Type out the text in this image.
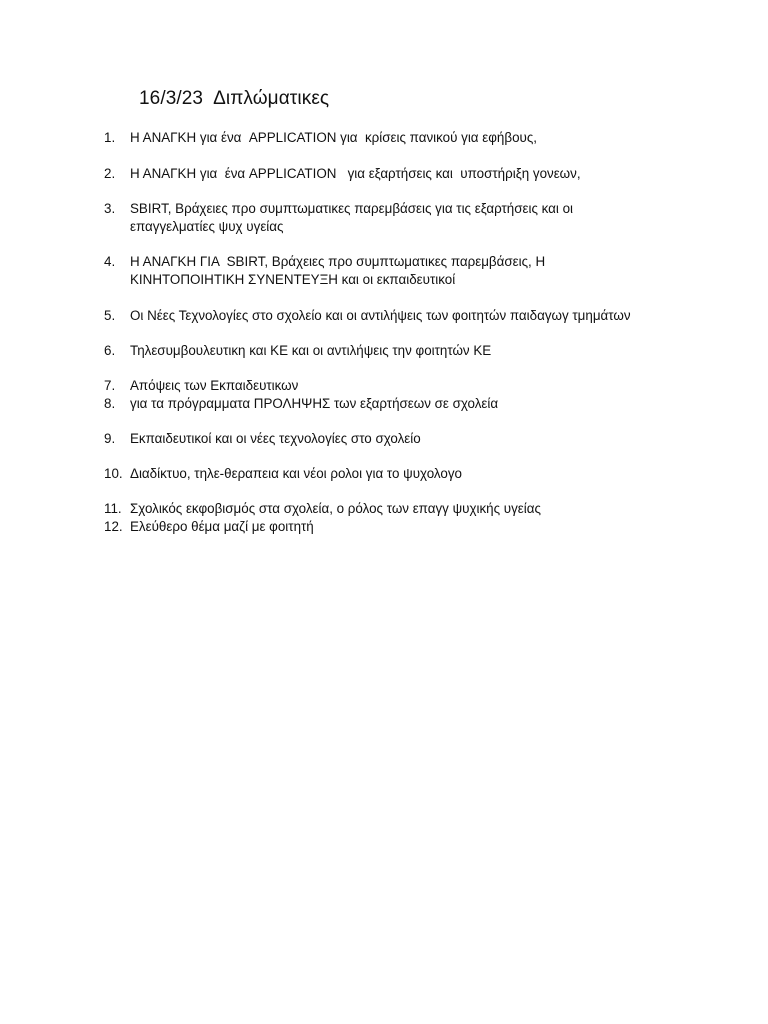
16/3/23 Διπλώματικες
1. Η ΑΝΑΓΚΗ για ένα  APPLICATION για  κρίσεις πανικού για εφήβους,
2. Η ΑΝΑΓΚΗ για  ένα APPLICATION   για εξαρτήσεις και  υποστήριξη γονεων,
3. SBIRT, Βράχειες προ συμπτωματικες παρεμβάσεις για τις εξαρτήσεις και οι
επαγγελματίες ψυχ υγείας
4. Η ΑΝΑΓΚΗ ΓΙΑ  SBIRT, Βράχειες προ συμπτωματικες παρεμβάσεις, Η
ΚΙΝΗΤΟΠΟΙΗΤΙΚΗ ΣΥΝΕΝΤΕΥΞΗ και οι εκπαιδευτικοί
5. Οι Νέες Τεχνολογίες στο σχολείο και οι αντιλήψεις των φοιτητών παιδαγωγ τμημάτων
6. Τηλεσυμβουλευτικη και ΚΕ και οι αντιλήψεις την φοιτητών ΚΕ
7. Απόψεις των Εκπαιδευτικων
8. για τα πρόγραμματα ΠΡΟΛΗΨΗΣ των εξαρτήσεων σε σχολεία
9. Εκπαιδευτικοί και οι νέες τεχνολογίες στο σχολείο
10. Διαδίκτυο, τηλε-θεραπεια και νέοι ρολοι για το ψυχολογο
11. Σχολικός εκφοβισμός στα σχολεία, ο ρόλος των επαγγ ψυχικής υγείας
12. Ελεύθερο θέμα μαζί με φοιτητή
